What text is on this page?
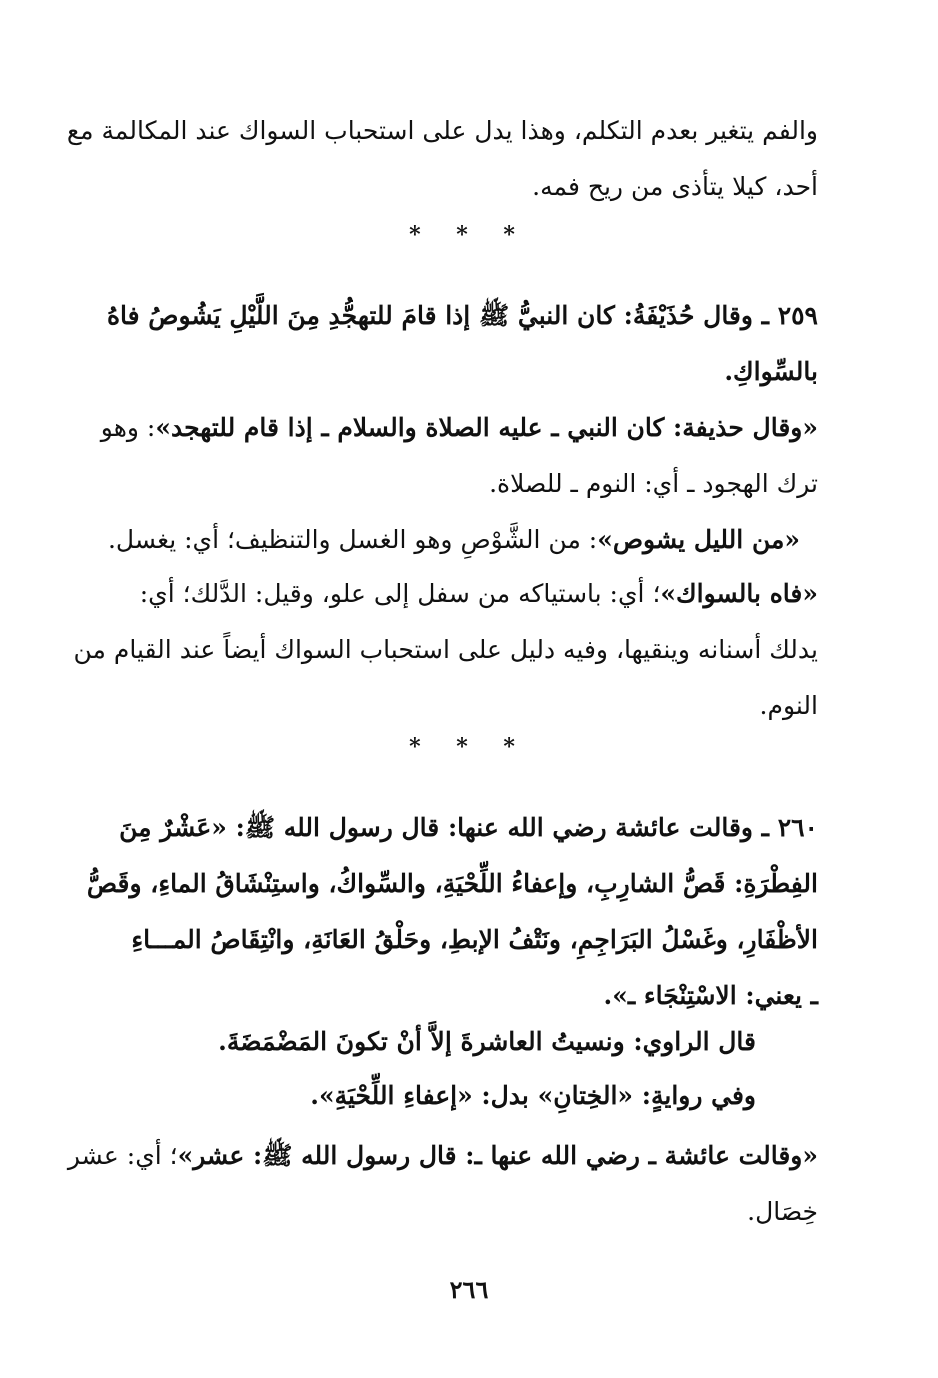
والفم يتغير بعدم التكلم، وهذا يدل على استحباب السواك عند المكالمة مع
أحد، كيلا يتأذى من ريح فمه.
* * *
٢٥٩ ـ وقال حُذَيْفَةُ: كان النبيُّ ﷺ إذا قامَ للتهجُّدِ مِنَ اللَّيْلِ يَشُوصُ فاهُ
بالسِّواكِ.
«وقال حذيفة: كان النبي ـ عليه الصلاة والسلام ـ إذا قام للتهجد»: وهو
ترك الهجود ـ أي: النوم ـ للصلاة.
«من الليل يشوص»: من الشَّوْصِ وهو الغسل والتنظيف؛ أي: يغسل.
«فاه بالسواك»؛ أي: باستياكه من سفل إلى علو، وقيل: الدَّلك؛ أي:
يدلك أسنانه وينقيها، وفيه دليل على استحباب السواك أيضاً عند القيام من
النوم.
* * *
٢٦٠ ـ وقالت عائشة رضي الله عنها: قال رسول الله ﷺ: «عَشْرٌ مِنَ
الفِطْرَةِ: قَصُّ الشارِبِ، وإعفاءُ اللِّحْيَةِ، والسِّواكُ، واستِنْشَاقُ الماءِ، وقَصُّ
الأظْفَارِ، وغَسْلُ البَرَاجِمِ، ونَتْفُ الإبطِ، وحَلْقُ العَانَةِ، وانْتِقَاصُ المـــاءِ
ـ يعني: الاسْتِنْجَاء ـ».
قال الراوي: ونسيتُ العاشرةَ إلاَّ أنْ تكونَ المَضْمَضَةَ.
وفي روايةٍ: «الخِتانِ» بدل: «إعفاءِ اللِّحْيَةِ».
«وقالت عائشة ـ رضي الله عنها ـ: قال رسول الله ﷺ: عشر»؛ أي: عشر
خِصَال.
٢٦٦
